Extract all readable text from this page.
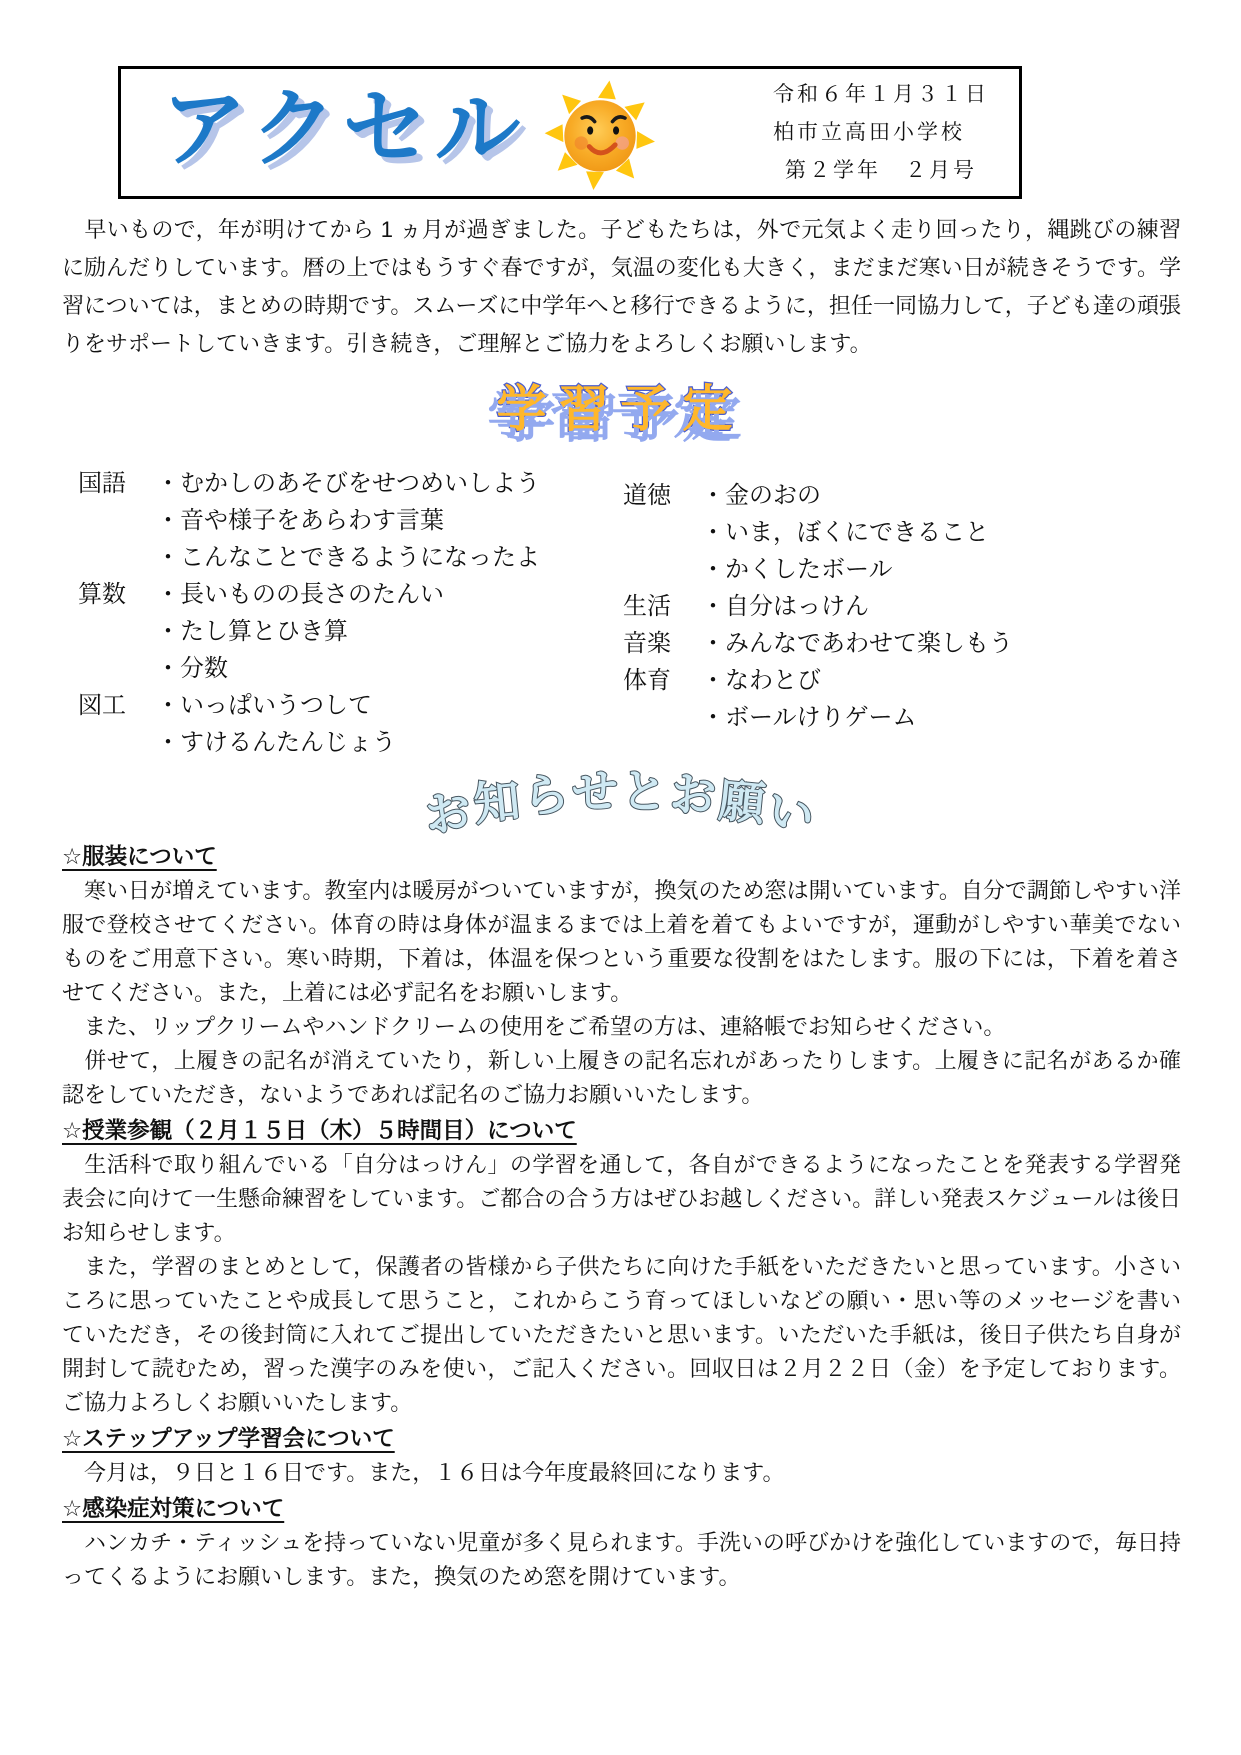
アクセル	令和６年１月３１日
柏市立高田小学校
第２学年　２月号

　早いもので，年が明けてから 1 ヵ月が過ぎました。子どもたちは，外で元気よく走り回ったり，縄跳びの練習に励んだりしています。暦の上ではもうすぐ春ですが，気温の変化も大きく，まだまだ寒い日が続きそうです。学習については，まとめの時期です。スムーズに中学年へと移行できるように，担任一同協力して，子ども達の頑張りをサポートしていきます。引き続き，ご理解とご協力をよろしくお願いします。

学習予定
国語	・むかしのあそびをせつめいしよう
・音や様子をあらわす言葉
・こんなことできるようになったよ
算数	・長いものの長さのたんい
・たし算とひき算
・分数
図工	・いっぱいうつして
・すけるんたんじょう
道徳	・金のおの
・いま，ぼくにできること
・かくしたボール
生活	・自分はっけん
音楽	・みんなであわせて楽しもう
体育	・なわとび
・ボールけりゲーム
お知らせとお願い
☆服装について

　寒い日が増えています。教室内は暖房がついていますが，換気のため窓は開いています。自分で調節しやすい洋服で登校させてください。体育の時は身体が温まるまでは上着を着てもよいですが，運動がしやすい華美でないものをご用意下さい。寒い時期，下着は，体温を保つという重要な役割をはたします。服の下には，下着を着させてください。また，上着には必ず記名をお願いします。

　また、リップクリームやハンドクリームの使用をご希望の方は、連絡帳でお知らせください。

　併せて，上履きの記名が消えていたり，新しい上履きの記名忘れがあったりします。上履きに記名があるか確認をしていただき，ないようであれば記名のご協力お願いいたします。

☆授業参観（２月１５日（木）５時間目）について

　生活科で取り組んでいる「自分はっけん」の学習を通して，各自ができるようになったことを発表する学習発表会に向けて一生懸命練習をしています。ご都合の合う方はぜひお越しください。詳しい発表スケジュールは後日お知らせします。

　また，学習のまとめとして，保護者の皆様から子供たちに向けた手紙をいただきたいと思っています。小さいころに思っていたことや成長して思うこと，これからこう育ってほしいなどの願い・思い等のメッセージを書いていただき，その後封筒に入れてご提出していただきたいと思います。いただいた手紙は，後日子供たち自身が開封して読むため，習った漢字のみを使い，ご記入ください。回収日は２月２２日（金）を予定しております。ご協力よろしくお願いいたします。

☆ステップアップ学習会について

　今月は，９日と１６日です。また，１６日は今年度最終回になります。

☆感染症対策について

　ハンカチ・ティッシュを持っていない児童が多く見られます。手洗いの呼びかけを強化していますので，毎日持ってくるようにお願いします。また，換気のため窓を開けています。
